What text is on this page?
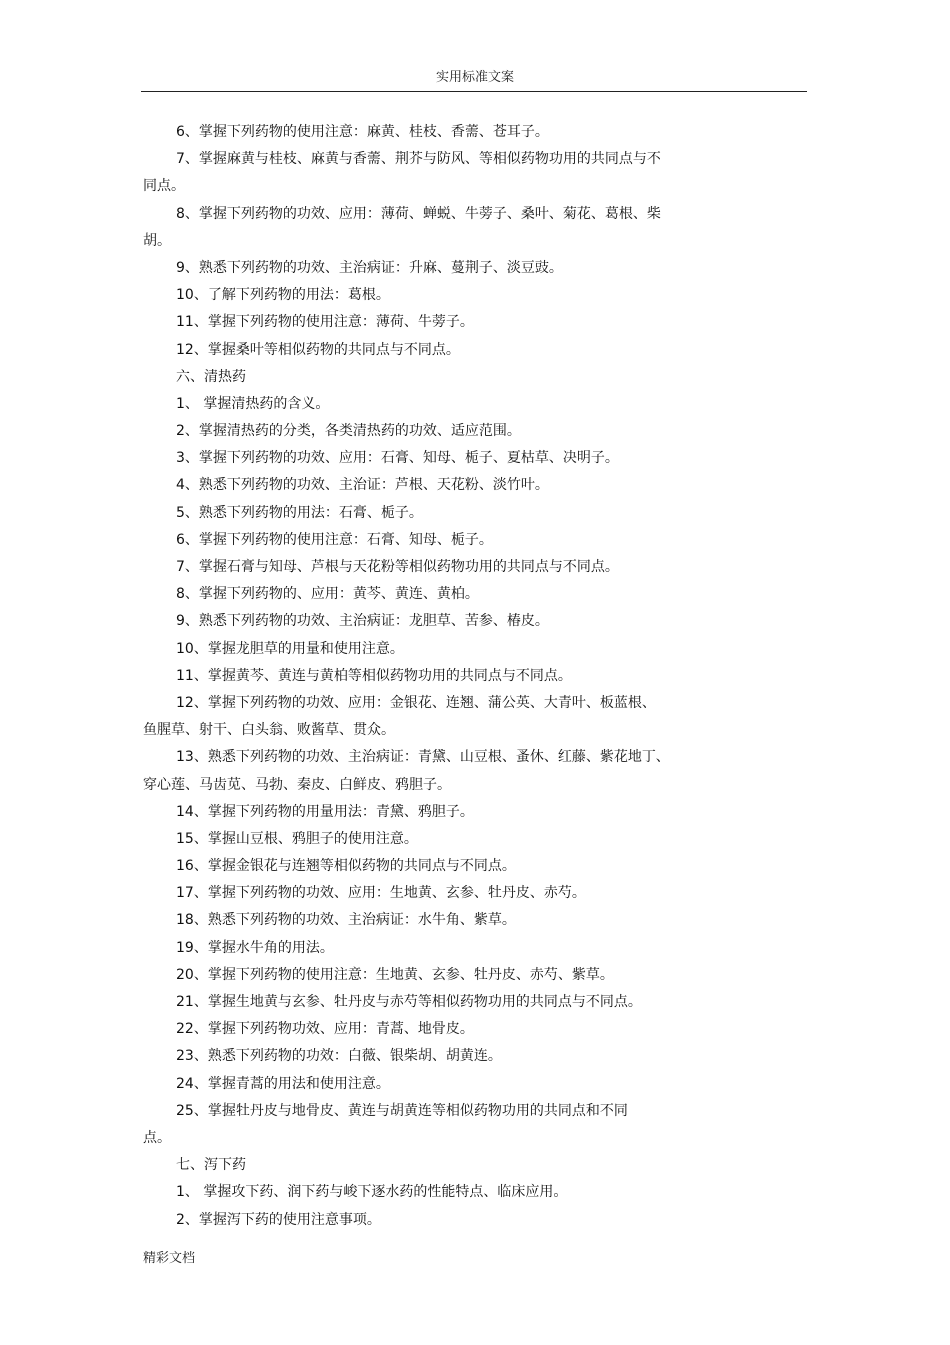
实用标准文案
6、掌握下列药物的使用注意：麻黄、桂枝、香薷、苍耳子。
7、掌握麻黄与桂枝、麻黄与香薷、荆芥与防风、等相似药物功用的共同点与不
同点。
8、掌握下列药物的功效、应用：薄荷、蝉蜕、牛蒡子、桑叶、菊花、葛根、柴
胡。
9、熟悉下列药物的功效、主治病证：升麻、蔓荆子、淡豆豉。
10、了解下列药物的用法：葛根。
11、掌握下列药物的使用注意：薄荷、牛蒡子。
12、掌握桑叶等相似药物的共同点与不同点。
六、清热药
1、 掌握清热药的含义。
2、掌握清热药的分类，各类清热药的功效、适应范围。
3、掌握下列药物的功效、应用：石膏、知母、栀子、夏枯草、决明子。
4、熟悉下列药物的功效、主治证：芦根、天花粉、淡竹叶。
5、熟悉下列药物的用法：石膏、栀子。
6、掌握下列药物的使用注意：石膏、知母、栀子。
7、掌握石膏与知母、芦根与天花粉等相似药物功用的共同点与不同点。
8、掌握下列药物的、应用：黄芩、黄连、黄柏。
9、熟悉下列药物的功效、主治病证：龙胆草、苦参、椿皮。
10、掌握龙胆草的用量和使用注意。
11、掌握黄芩、黄连与黄柏等相似药物功用的共同点与不同点。
12、掌握下列药物的功效、应用：金银花、连翘、蒲公英、大青叶、板蓝根、
鱼腥草、射干、白头翁、败酱草、贯众。
13、熟悉下列药物的功效、主治病证：青黛、山豆根、蚤休、红藤、紫花地丁、
穿心莲、马齿苋、马勃、秦皮、白鲜皮、鸦胆子。
14、掌握下列药物的用量用法：青黛、鸦胆子。
15、掌握山豆根、鸦胆子的使用注意。
16、掌握金银花与连翘等相似药物的共同点与不同点。
17、掌握下列药物的功效、应用：生地黄、玄参、牡丹皮、赤芍。
18、熟悉下列药物的功效、主治病证：水牛角、紫草。
19、掌握水牛角的用法。
20、掌握下列药物的使用注意：生地黄、玄参、牡丹皮、赤芍、紫草。
21、掌握生地黄与玄参、牡丹皮与赤芍等相似药物功用的共同点与不同点。
22、掌握下列药物功效、应用：青蒿、地骨皮。
23、熟悉下列药物的功效：白薇、银柴胡、胡黄连。
24、掌握青蒿的用法和使用注意。
25、掌握牡丹皮与地骨皮、黄连与胡黄连等相似药物功用的共同点和不同
点。
七、泻下药
1、 掌握攻下药、润下药与峻下逐水药的性能特点、临床应用。
2、掌握泻下药的使用注意事项。
精彩文档
